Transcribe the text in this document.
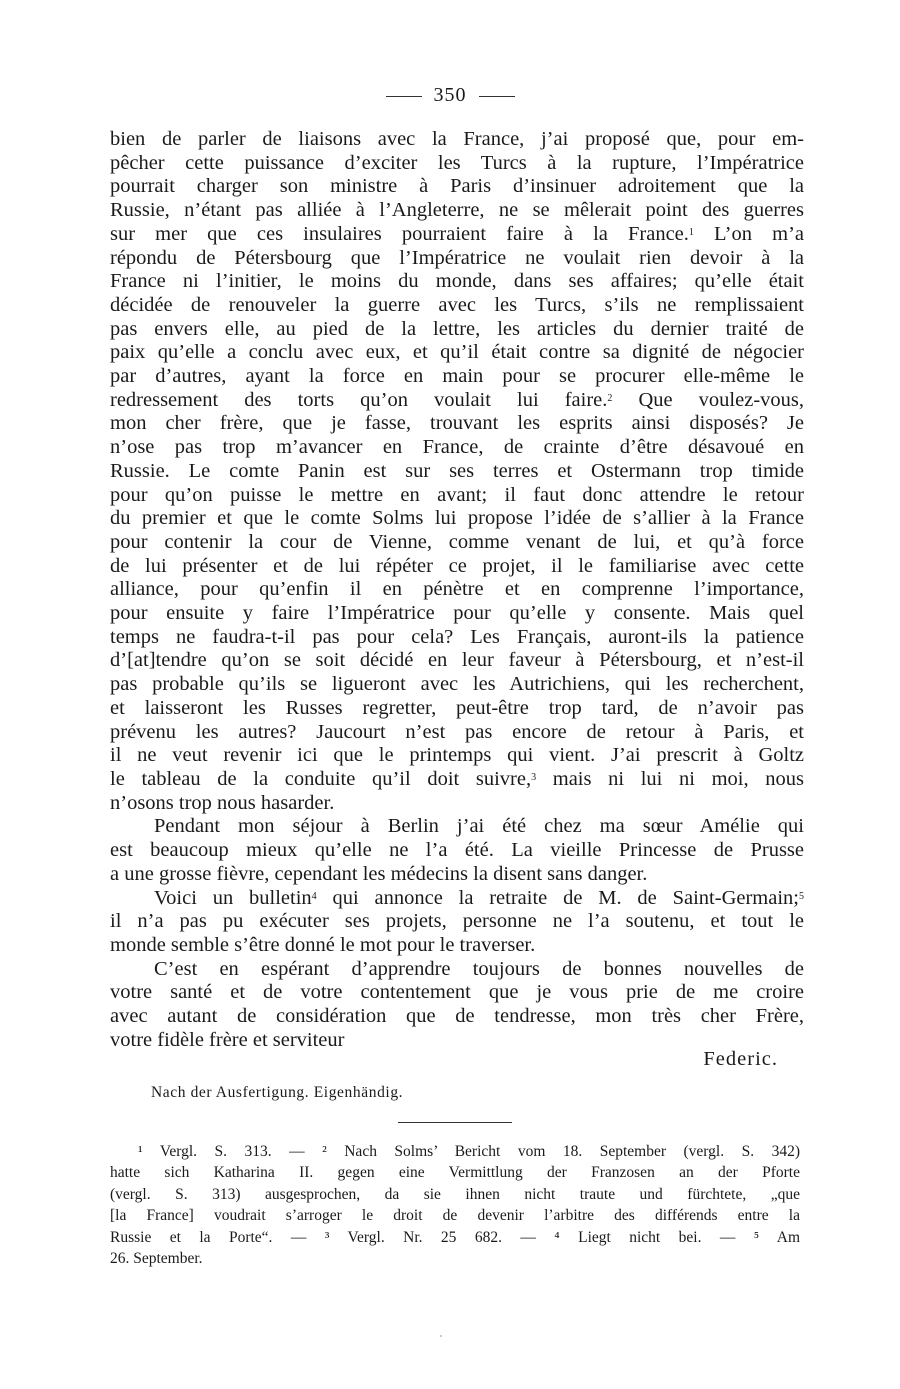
350
bien de parler de liaisons avec la France, j’ai proposé que, pour em-
pêcher cette puissance d’exciter les Turcs à la rupture, l’Impératrice
pourrait charger son ministre à Paris d’insinuer adroitement que la
Russie, n’étant pas alliée à l’Angleterre, ne se mêlerait point des guerres
sur mer que ces insulaires pourraient faire à la France.$^1$ L’on m’a
répondu de Pétersbourg que l’Impératrice ne voulait rien devoir à la
France ni l’initier, le moins du monde, dans ses affaires; qu’elle était
décidée de renouveler la guerre avec les Turcs, s’ils ne remplissaient
pas envers elle, au pied de la lettre, les articles du dernier traité de
paix qu’elle a conclu avec eux, et qu’il était contre sa dignité de négocier
par d’autres, ayant la force en main pour se procurer elle-même le
redressement des torts qu’on voulait lui faire.$^2$ Que voulez-vous,
mon cher frère, que je fasse, trouvant les esprits ainsi disposés? Je
n’ose pas trop m’avancer en France, de crainte d’être désavoué en
Russie. Le comte Panin est sur ses terres et Ostermann trop timide
pour qu’on puisse le mettre en avant; il faut donc attendre le retour
du premier et que le comte Solms lui propose l’idée de s’allier à la France
pour contenir la cour de Vienne, comme venant de lui, et qu’à force
de lui présenter et de lui répéter ce projet, il le familiarise avec cette
alliance, pour qu’enfin il en pénètre et en comprenne l’importance,
pour ensuite y faire l’Impératrice pour qu’elle y consente. Mais quel
temps ne faudra-t-il pas pour cela? Les Français, auront-ils la patience
d’[at]tendre qu’on se soit décidé en leur faveur à Pétersbourg, et n’est-il
pas probable qu’ils se ligueront avec les Autrichiens, qui les recherchent,
et laisseront les Russes regretter, peut-être trop tard, de n’avoir pas
prévenu les autres? Jaucourt n’est pas encore de retour à Paris, et
il ne veut revenir ici que le printemps qui vient. J’ai prescrit à Goltz
le tableau de la conduite qu’il doit suivre,$^3$ mais ni lui ni moi, nous
n’osons trop nous hasarder.
Pendant mon séjour à Berlin j’ai été chez ma sœur Amélie qui
est beaucoup mieux qu’elle ne l’a été. La vieille Princesse de Prusse
a une grosse fièvre, cependant les médecins la disent sans danger.
Voici un bulletin$^4$ qui annonce la retraite de M. de Saint-Germain;$^5$
il n’a pas pu exécuter ses projets, personne ne l’a soutenu, et tout le
monde semble s’être donné le mot pour le traverser.
C’est en espérant d’apprendre toujours de bonnes nouvelles de
votre santé et de votre contentement que je vous prie de me croire
avec autant de considération que de tendresse, mon très cher Frère,
votre fidèle frère et serviteur
Federic.
Nach der Ausfertigung. Eigenhändig.
¹ Vergl. S. 313. — ² Nach Solms’ Bericht vom 18. September (vergl. S. 342)
hatte sich Katharina II. gegen eine Vermittlung der Franzosen an der Pforte
(vergl. S. 313) ausgesprochen, da sie ihnen nicht traute und fürchtete, „que
[la France] voudrait s’arroger le droit de devenir l’arbitre des différends entre la
Russie et la Porte“. — ³ Vergl. Nr. 25 682. — ⁴ Liegt nicht bei. — ⁵ Am
26. September.
